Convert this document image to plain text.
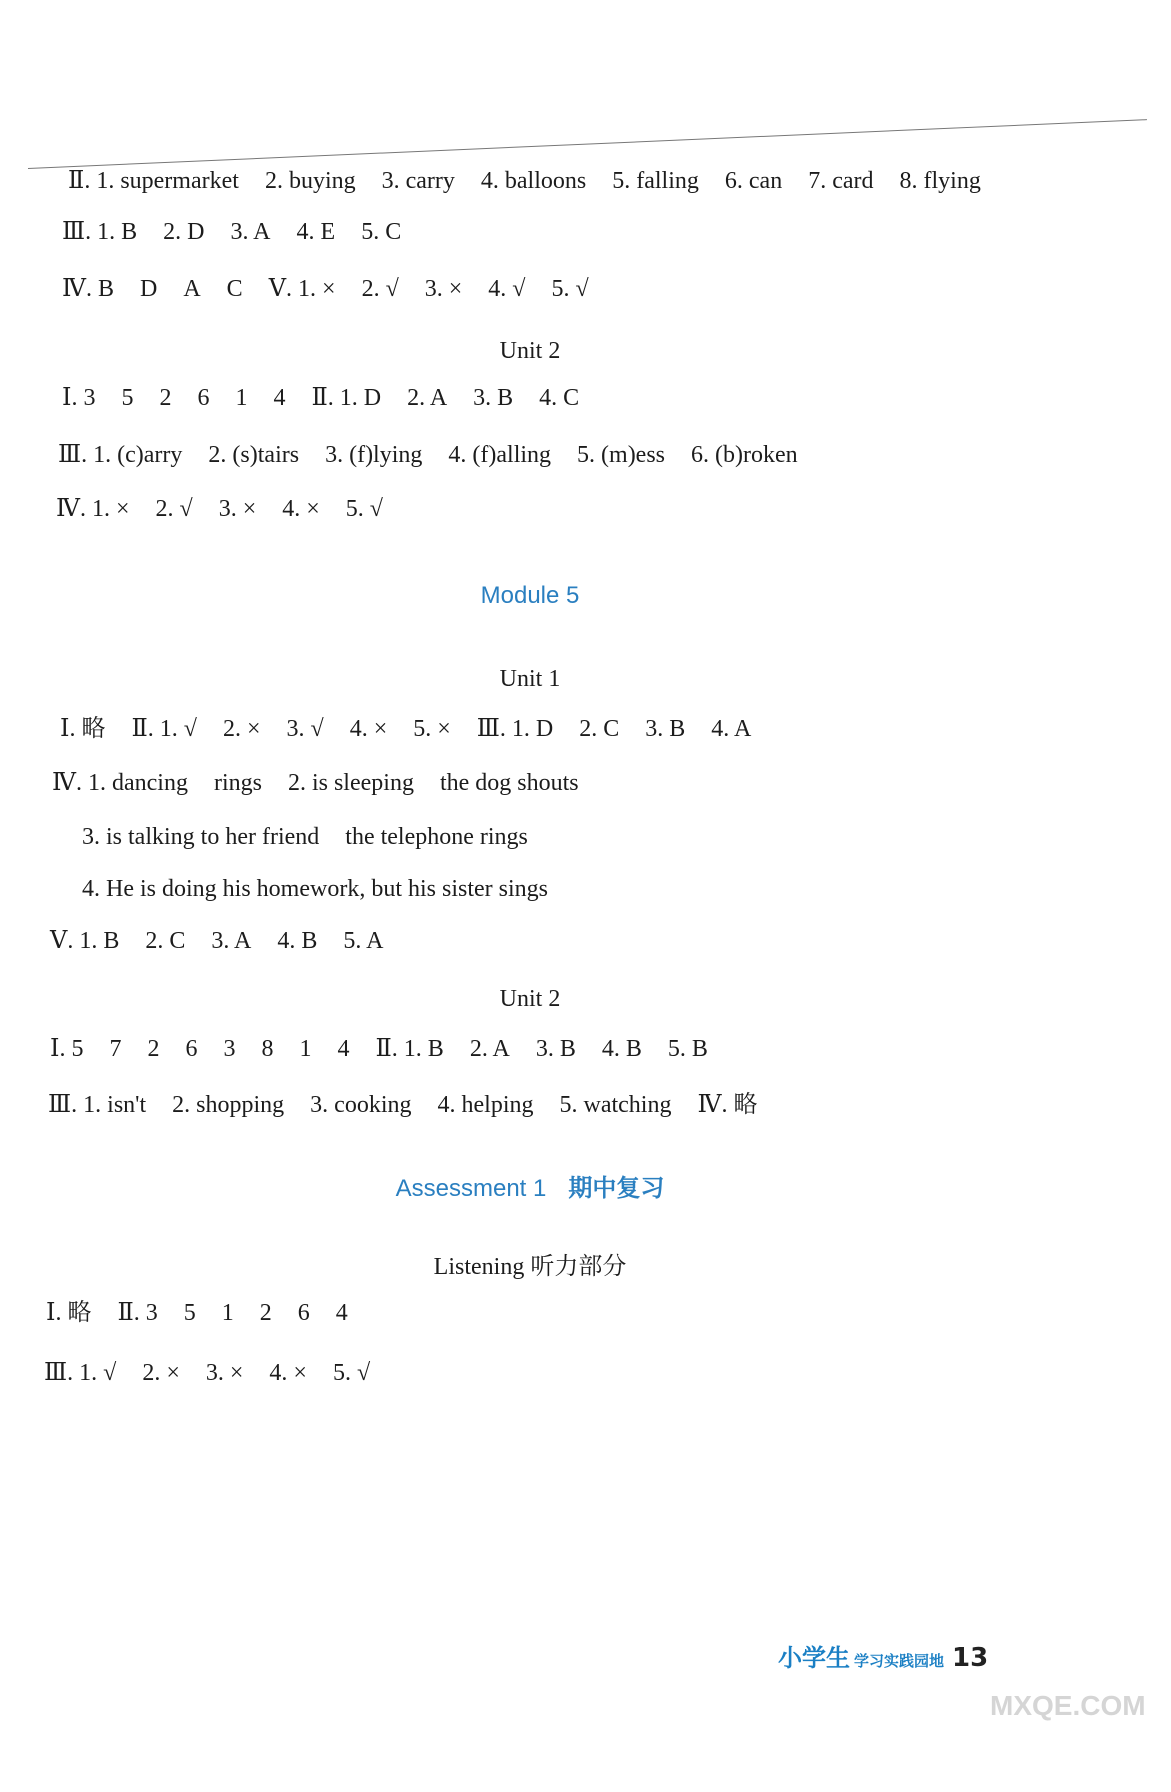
Ⅱ. 1. supermarket 2. buying 3. carry 4. balloons 5. falling 6. can 7. card 8. flying
Ⅲ. 1. B 2. D 3. A 4. E 5. C
Ⅳ. B D A C Ⅴ. 1. × 2. √ 3. × 4. √ 5. √
Unit 2
Ⅰ. 3 5 2 6 1 4 Ⅱ. 1. D 2. A 3. B 4. C
Ⅲ. 1. (c)arry 2. (s)tairs 3. (f)lying 4. (f)alling 5. (m)ess 6. (b)roken
Ⅳ. 1. × 2. √ 3. × 4. × 5. √
Module 5
Unit 1
Ⅰ. 略 Ⅱ. 1. √ 2. × 3. √ 4. × 5. × Ⅲ. 1. D 2. C 3. B 4. A
Ⅳ. 1. dancing rings 2. is sleeping the dog shouts
3. is talking to her friend the telephone rings
4. He is doing his homework, but his sister sings
Ⅴ. 1. B 2. C 3. A 4. B 5. A
Unit 2
Ⅰ. 5 7 2 6 3 8 1 4 Ⅱ. 1. B 2. A 3. B 4. B 5. B
Ⅲ. 1. isn't 2. shopping 3. cooking 4. helping 5. watching Ⅳ. 略
Assessment 1 期中复习
Listening 听力部分
Ⅰ. 略 Ⅱ. 3 5 1 2 6 4
Ⅲ. 1. √ 2. × 3. × 4. × 5. √
小学生 学习实践园地 13
MXQE.COM
